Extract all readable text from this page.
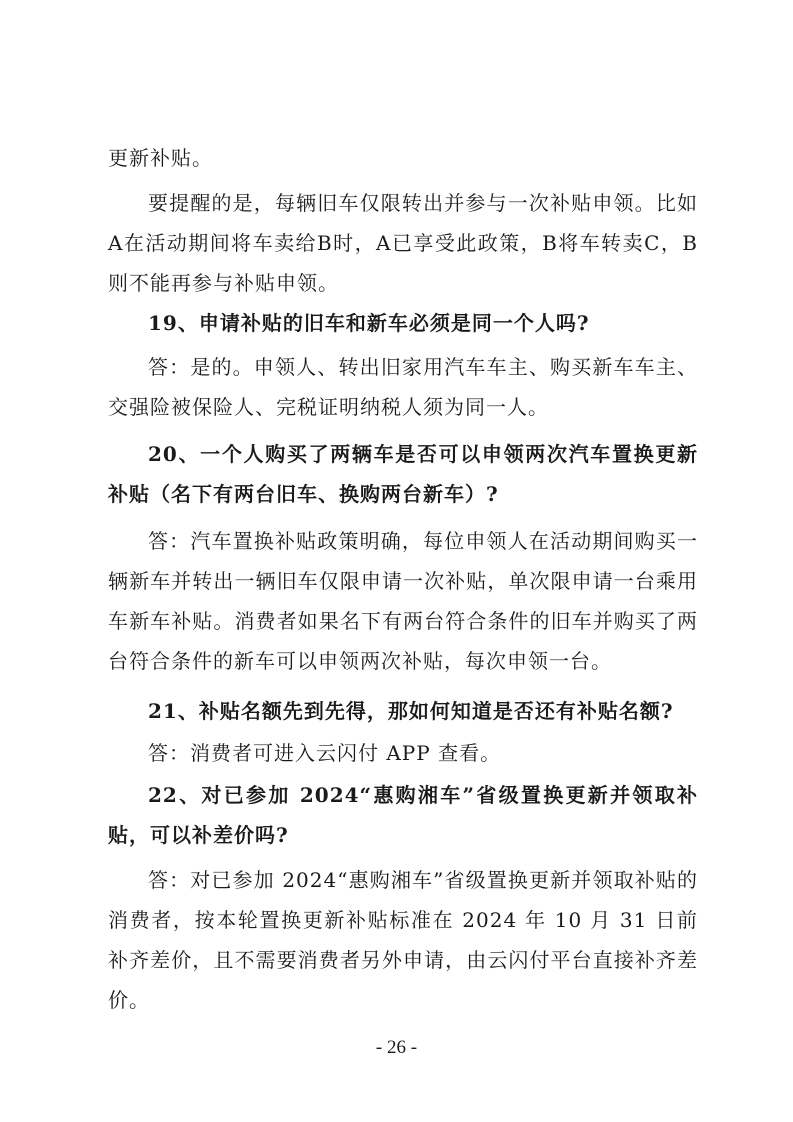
更新补贴。

要提醒的是，每辆旧车仅限转出并参与一次补贴申领。比如A在活动期间将车卖给B时，A已享受此政策，B将车转卖C，B则不能再参与补贴申领。

19、申请补贴的旧车和新车必须是同一个人吗?

答：是的。申领人、转出旧家用汽车车主、购买新车车主、交强险被保险人、完税证明纳税人须为同一人。

20、一个人购买了两辆车是否可以申领两次汽车置换更新补贴（名下有两台旧车、换购两台新车）?

答：汽车置换补贴政策明确，每位申领人在活动期间购买一辆新车并转出一辆旧车仅限申请一次补贴，单次限申请一台乘用车新车补贴。消费者如果名下有两台符合条件的旧车并购买了两台符合条件的新车可以申领两次补贴，每次申领一台。

21、补贴名额先到先得，那如何知道是否还有补贴名额?

答：消费者可进入云闪付 APP 查看。

22、对已参加 2024“惠购湘车”省级置换更新并领取补贴，可以补差价吗?

答：对已参加 2024“惠购湘车”省级置换更新并领取补贴的消费者，按本轮置换更新补贴标准在 2024 年 10 月 31 日前补齐差价，且不需要消费者另外申请，由云闪付平台直接补齐差价。

- 26 -
